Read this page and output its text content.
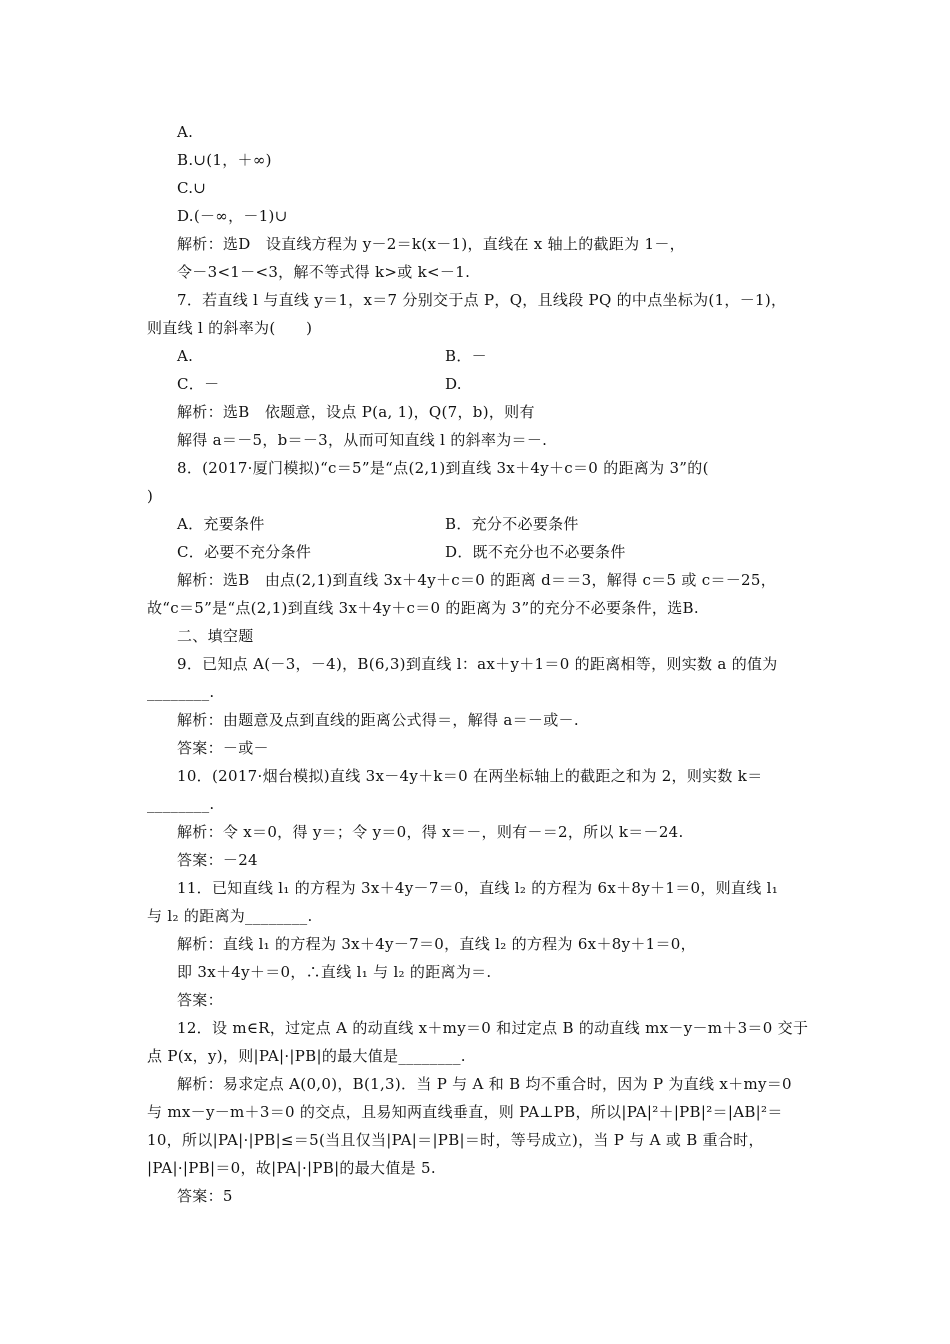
A.
B.∪(1，＋∞)
C.∪
D.(－∞，－1)∪
解析：选D　设直线方程为 y－2＝k(x－1)，直线在 x 轴上的截距为 1－，
令－3<1－<3，解不等式得 k>或 k<－1.
7．若直线 l 与直线 y＝1，x＝7 分别交于点 P，Q，且线段 PQ 的中点坐标为(1，－1)，
则直线 l 的斜率为(　　)
A.	B．－
C．－	D.
解析：选B　依题意，设点 P(a, 1)，Q(7，b)，则有
解得 a＝－5，b＝－3，从而可知直线 l 的斜率为＝－.
8．(2017·厦门模拟)“c＝5”是“点(2,1)到直线 3x＋4y＋c＝0 的距离为 3”的(
)
A．充要条件	B．充分不必要条件
C．必要不充分条件	D．既不充分也不必要条件
解析：选B　由点(2,1)到直线 3x＋4y＋c＝0 的距离 d＝＝3，解得 c＝5 或 c＝－25，
故“c＝5”是“点(2,1)到直线 3x＋4y＋c＝0 的距离为 3”的充分不必要条件，选B.
二、填空题
9．已知点 A(－3，－4)，B(6,3)到直线 l：ax＋y＋1＝0 的距离相等，则实数 a 的值为
________.
解析：由题意及点到直线的距离公式得＝，解得 a＝－或－.
答案：－或－
10．(2017·烟台模拟)直线 3x－4y＋k＝0 在两坐标轴上的截距之和为 2，则实数 k＝
________.
解析：令 x＝0，得 y＝；令 y＝0，得 x＝－，则有－＝2，所以 k＝－24.
答案：－24
11．已知直线 l₁ 的方程为 3x＋4y－7＝0，直线 l₂ 的方程为 6x＋8y＋1＝0，则直线 l₁
与 l₂ 的距离为________.
解析：直线 l₁ 的方程为 3x＋4y－7＝0，直线 l₂ 的方程为 6x＋8y＋1＝0，
即 3x＋4y＋＝0，∴直线 l₁ 与 l₂ 的距离为＝.
答案：
12．设 m∈R，过定点 A 的动直线 x＋my＝0 和过定点 B 的动直线 mx－y－m＋3＝0 交于
点 P(x，y)，则|PA|·|PB|的最大值是________.
解析：易求定点 A(0,0)，B(1,3)．当 P 与 A 和 B 均不重合时，因为 P 为直线 x＋my＝0
与 mx－y－m＋3＝0 的交点，且易知两直线垂直，则 PA⊥PB，所以|PA|²＋|PB|²＝|AB|²＝
10，所以|PA|·|PB|≤＝5(当且仅当|PA|＝|PB|＝时，等号成立)，当 P 与 A 或 B 重合时，
|PA|·|PB|＝0，故|PA|·|PB|的最大值是 5.
答案：5
